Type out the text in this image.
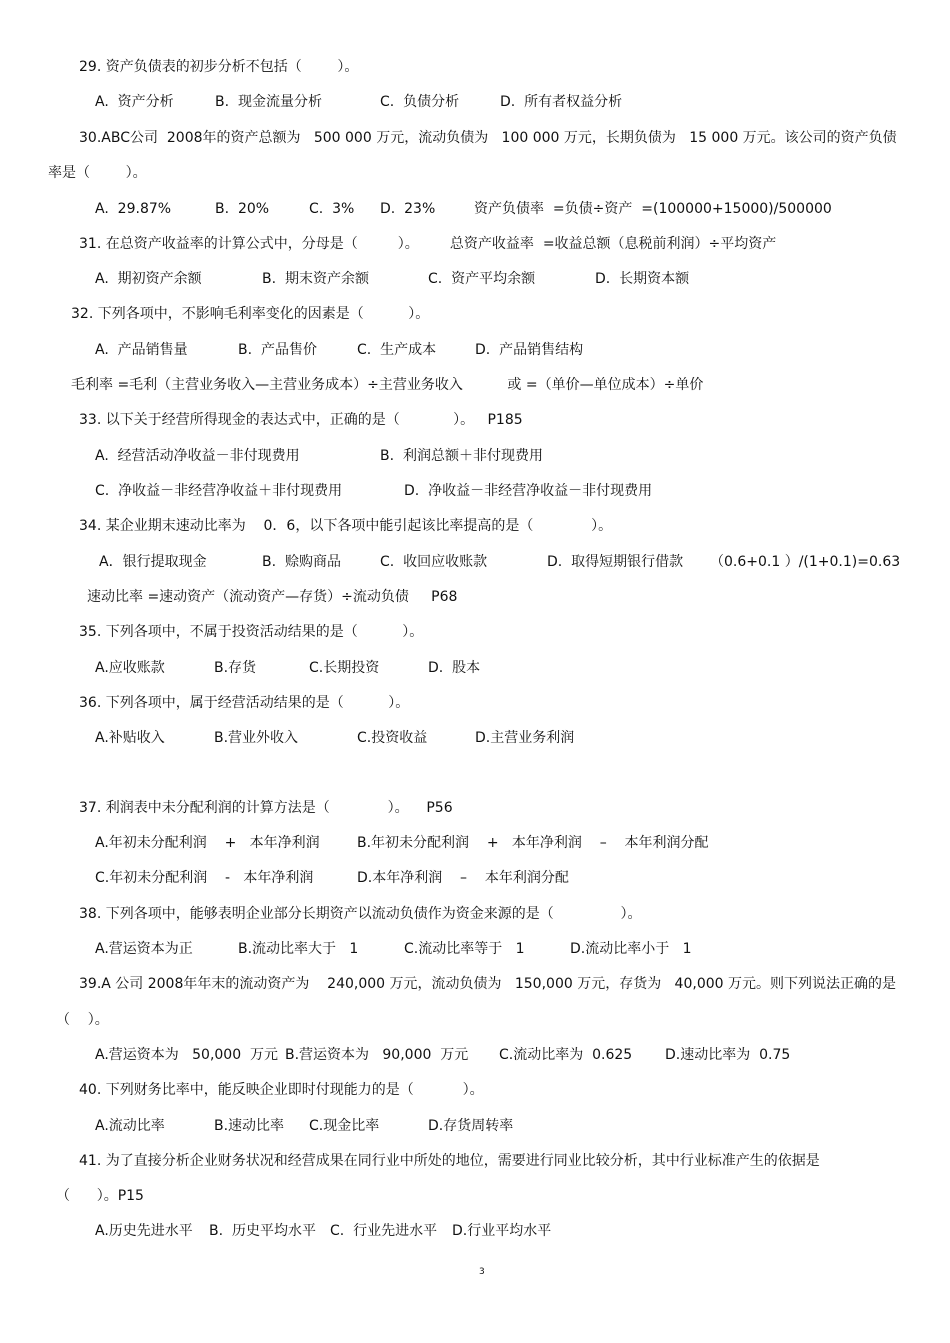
3
29. 资产负债表的初步分析不包括（        ）。
A.  资产分析	B.  现金流量分析	C.  负债分析	D.  所有者权益分析
30.ABC公司  2008年的资产总额为   500 000 万元，流动负债为   100 000 万元，长期负债为   15 000 万元。该公司的资产负债
率是（        ）。
A.  29.87%	B.  20%	C.  3% D.  23%	资产负债率  =负债÷资产  =(100000+15000)/500000
31. 在总资产收益率的计算公式中，分母是（         ）。       总资产收益率  =收益总额（息税前利润）÷平均资产
A.  期初资产余额	B.  期末资产余额	C.  资产平均余额	D.  长期资本额
32. 下列各项中，不影响毛利率变化的因素是（          ）。
A.  产品销售量	B.  产品售价	C.  生产成本	D.  产品销售结构
毛利率 =毛利（主营业务收入—主营业务成本）÷主营业务收入          或 =（单价—单位成本）÷单价
33. 以下关于经营所得现金的表达式中，正确的是（            ）。   P185
A.  经营活动净收益－非付现费用	B.  利润总额＋非付现费用
C.  净收益－非经营净收益＋非付现费用	D.  净收益－非经营净收益－非付现费用
34. 某企业期末速动比率为    0．6，以下各项中能引起该比率提高的是（             ）。
A．银行提取现金	B.  赊购商品	C.  收回应收账款	D.  取得短期银行借款 （0.6+0.1 ）/(1+0.1)=0.63
速动比率 =速动资产（流动资产—存货）÷流动负债     P68
35. 下列各项中，不属于投资活动结果的是（          ）。
A.应收账款	B.存货	C.长期投资	D.  股本
36. 下列各项中，属于经营活动结果的是（          ）。
A.补贴收入	B.营业外收入	C.投资收益	D.主营业务利润
37. 利润表中未分配利润的计算方法是（             ）。    P56
A.年初未分配利润    +   本年净利润	B.年初未分配利润    +   本年净利润    –    本年利润分配
C.年初未分配利润    -   本年净利润	D.本年净利润    –    本年利润分配
38. 下列各项中，能够表明企业部分长期资产以流动负债作为资金来源的是（               ）。
A.营运资本为正	B.流动比率大于   1	C.流动比率等于   1	D.流动比率小于   1
39.A 公司 2008年年末的流动资产为    240,000 万元，流动负债为   150,000 万元，存货为   40,000 万元。则下列说法正确的是
（    ）。
A.营运资本为   50,000  万元 B.营运资本为   90,000  万元 C.流动比率为  0.625 D.速动比率为  0.75
40. 下列财务比率中，能反映企业即时付现能力的是（           ）。
A.流动比率	B.速动比率 C.现金比率	D.存货周转率
41. 为了直接分析企业财务状况和经营成果在同行业中所处的地位，需要进行同业比较分析，其中行业标准产生的依据是
（      ）。P15
A.历史先进水平 B.  历史平均水平 C.  行业先进水平 D.行业平均水平
